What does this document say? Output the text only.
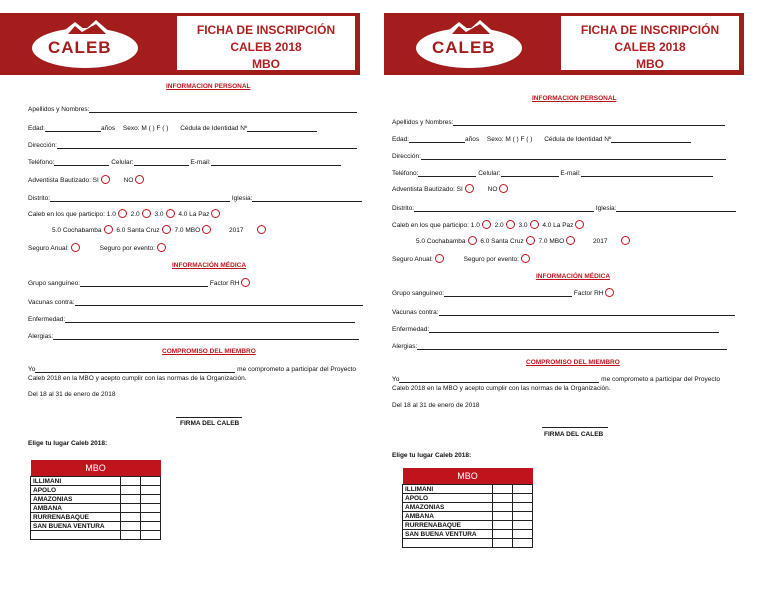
CALEB
FICHA DE INSCRIPCIÓN
CALEB 2018
MBO
INFORMACION PERSONAL
Apellidos y Nombres:
Edad:	años Sexo: M ( ) F ( ) Cédula de Identidad Nº
Dirección:
Teléfono:	Celular:	E-mail:
Adventista Bautizado: SI	NO
Distrito:	Iglesia:
Caleb en los que participo: 1.0 2.0 3.0 4.0 La Paz
5.0 Cochabamba 6.0 Santa Cruz 7.0 MBO	2017
Seguro Anual:	Seguro por evento:
INFORMACIÓN MÉDICA
Grupo sanguíneo:	Factor RH
Vacunas contra:
Enfermedad:
Alergias:
COMPROMISO DEL MIEMBRO
Yo	me comprometo a participar del Proyecto
Caleb 2018 en la MBO y acepto cumplir con las normas de la Organización.
Del 18 al 31 de enero de 2018
FIRMA DEL CALEB
Elige tu lugar Caleb 2018:
MBO		
ILLIMANI		
APOLO		
AMAZONIAS		
AMBANA		
RURRENABAQUE		
SAN BUENA VENTURA		

CALEB
FICHA DE INSCRIPCIÓN
CALEB 2018
MBO
INFORMACION PERSONAL
Apellidos y Nombres:
Edad:	años Sexo: M ( ) F ( ) Cédula de Identidad Nº
Dirección:
Teléfono:	Celular:	E-mail:
Adventista Bautizado: SI	NO
Distrito:	Iglesia:
Caleb en los que participo: 1.0 2.0 3.0 4.0 La Paz
5.0 Cochabamba 6.0 Santa Cruz 7.0 MBO	2017
Seguro Anual:	Seguro por evento:
INFORMACIÓN MÉDICA
Grupo sanguíneo:	Factor RH
Vacunas contra:
Enfermedad:
Alergias:
COMPROMISO DEL MIEMBRO
Yo	me comprometo a participar del Proyecto
Caleb 2018 en la MBO y acepto cumplir con las normas de la Organización.
Del 18 al 31 de enero de 2018
FIRMA DEL CALEB
Elige tu lugar Caleb 2018:
MBO		
ILLIMANI		
APOLO		
AMAZONIAS		
AMBANA		
RURRENABAQUE		
SAN BUENA VENTURA		
